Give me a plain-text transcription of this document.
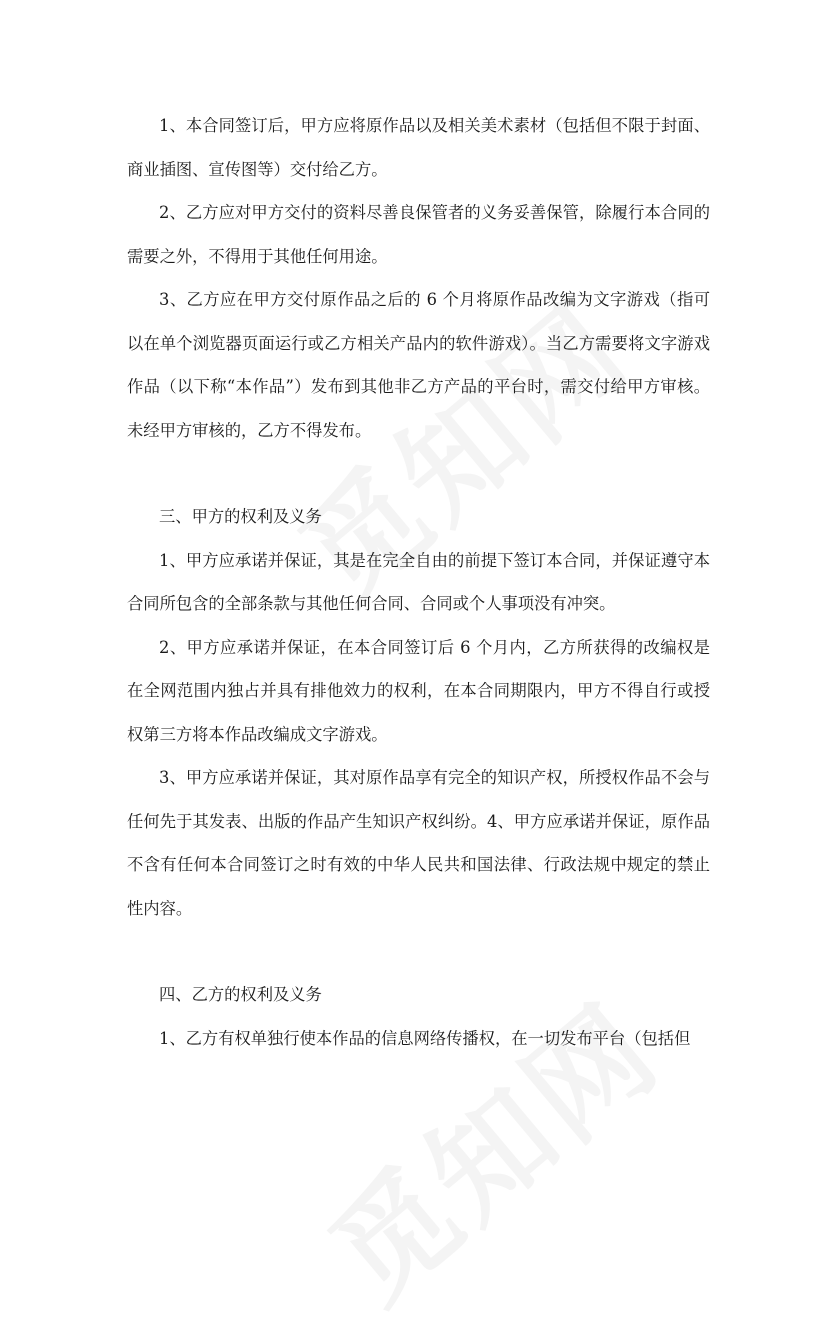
1、本合同签订后，甲方应将原作品以及相关美术素材（包括但不限于封面、商业插图、宣传图等）交付给乙方。

2、乙方应对甲方交付的资料尽善良保管者的义务妥善保管，除履行本合同的需要之外，不得用于其他任何用途。

3、乙方应在甲方交付原作品之后的 6 个月将原作品改编为文字游戏（指可以在单个浏览器页面运行或乙方相关产品内的软件游戏）。当乙方需要将文字游戏作品（以下称“本作品”）发布到其他非乙方产品的平台时，需交付给甲方审核。未经甲方审核的，乙方不得发布。

三、甲方的权利及义务

1、甲方应承诺并保证，其是在完全自由的前提下签订本合同，并保证遵守本合同所包含的全部条款与其他任何合同、合同或个人事项没有冲突。

2、甲方应承诺并保证，在本合同签订后 6 个月内，乙方所获得的改编权是在全网范围内独占并具有排他效力的权利，在本合同期限内，甲方不得自行或授权第三方将本作品改编成文字游戏。

3、甲方应承诺并保证，其对原作品享有完全的知识产权，所授权作品不会与任何先于其发表、出版的作品产生知识产权纠纷。4、甲方应承诺并保证，原作品不含有任何本合同签订之时有效的中华人民共和国法律、行政法规中规定的禁止性内容。

四、乙方的权利及义务

1、乙方有权单独行使本作品的信息网络传播权，在一切发布平台（包括但
